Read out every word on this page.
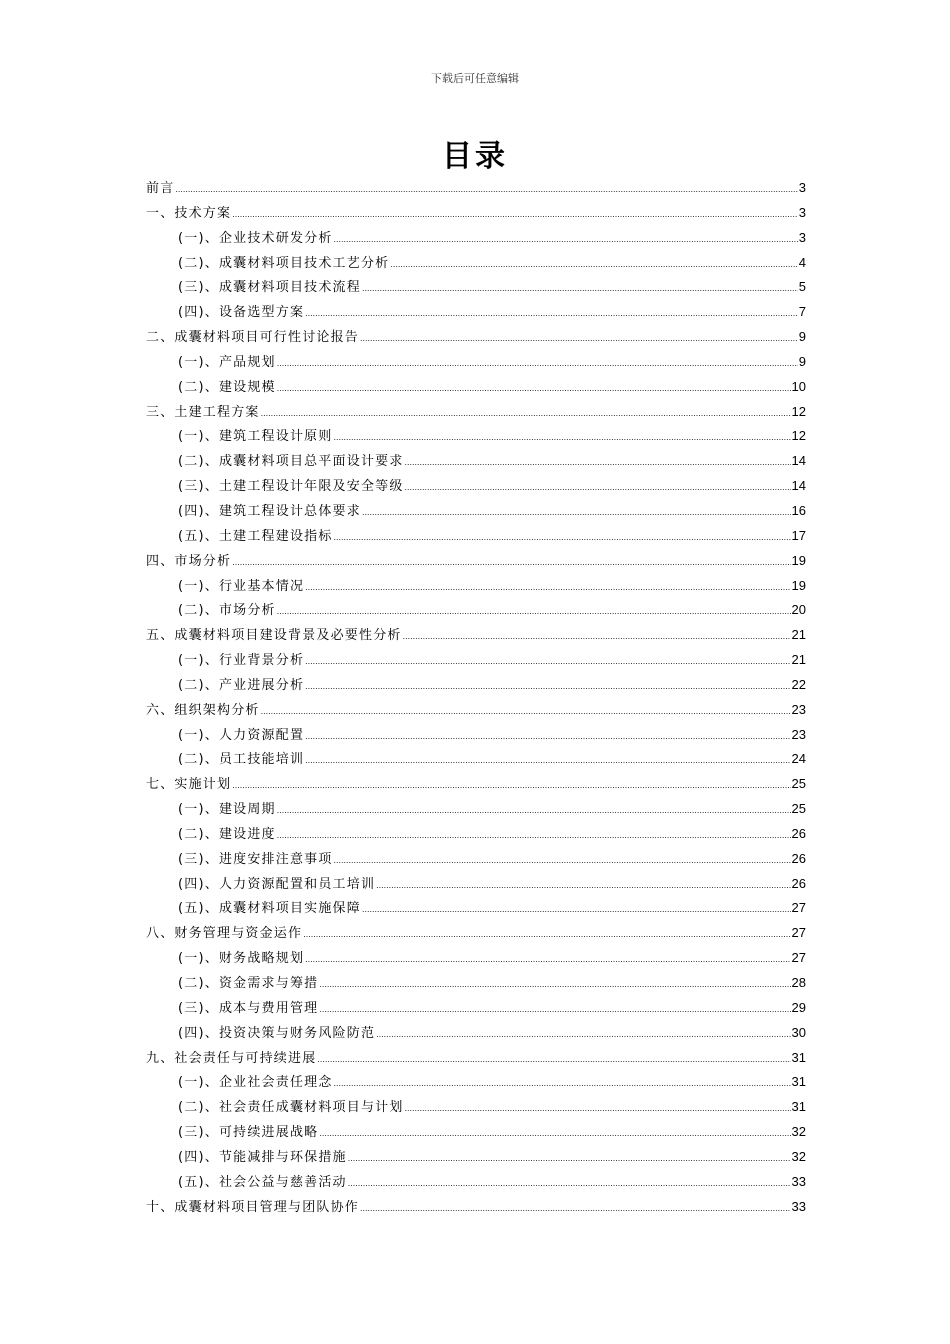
下载后可任意编辑
目录
前言 .....	3
一、技术方案 .....	3
(一)、企业技术研发分析 .....	3
(二)、成囊材料项目技术工艺分析 .....	4
(三)、成囊材料项目技术流程 .....	5
(四)、设备选型方案 .....	7
二、成囊材料项目可行性讨论报告 .....	9
(一)、产品规划 .....	9
(二)、建设规模 .....	10
三、土建工程方案 .....	12
(一)、建筑工程设计原则 .....	12
(二)、成囊材料项目总平面设计要求 .....	14
(三)、土建工程设计年限及安全等级 .....	14
(四)、建筑工程设计总体要求 .....	16
(五)、土建工程建设指标 .....	17
四、市场分析 .....	19
(一)、行业基本情况 .....	19
(二)、市场分析 .....	20
五、成囊材料项目建设背景及必要性分析 .....	21
(一)、行业背景分析 .....	21
(二)、产业进展分析 .....	22
六、组织架构分析 .....	23
(一)、人力资源配置 .....	23
(二)、员工技能培训 .....	24
七、实施计划 .....	25
(一)、建设周期 .....	25
(二)、建设进度 .....	26
(三)、进度安排注意事项 .....	26
(四)、人力资源配置和员工培训 .....	26
(五)、成囊材料项目实施保障 .....	27
八、财务管理与资金运作 .....	27
(一)、财务战略规划 .....	27
(二)、资金需求与筹措 .....	28
(三)、成本与费用管理 .....	29
(四)、投资决策与财务风险防范 .....	30
九、社会责任与可持续进展 .....	31
(一)、企业社会责任理念 .....	31
(二)、社会责任成囊材料项目与计划 .....	31
(三)、可持续进展战略 .....	32
(四)、节能减排与环保措施 .....	32
(五)、社会公益与慈善活动 .....	33
十、成囊材料项目管理与团队协作 .....	33
